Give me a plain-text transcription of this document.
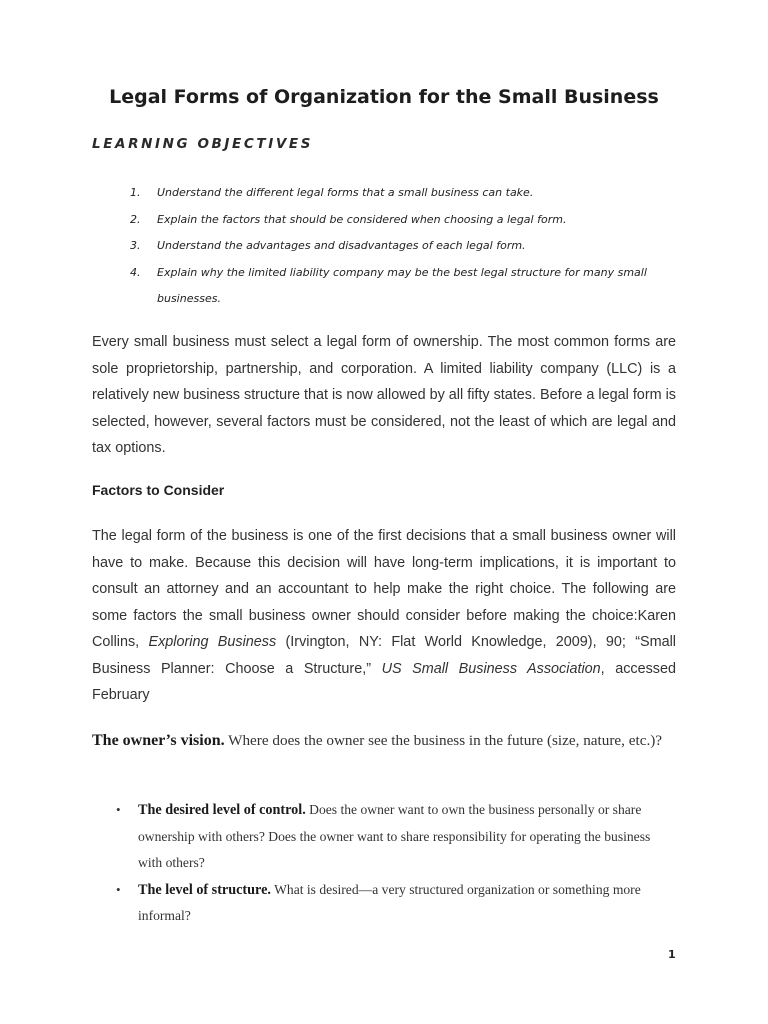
Legal Forms of Organization for the Small Business
LEARNING OBJECTIVES
1.	Understand the different legal forms that a small business can take.
2.	Explain the factors that should be considered when choosing a legal form.
3.	Understand the advantages and disadvantages of each legal form.
4.	Explain why the limited liability company may be the best legal structure for many small businesses.

Every small business must select a legal form of ownership. The most common forms are sole proprietorship, partnership, and corporation. A limited liability company (LLC) is a relatively new business structure that is now allowed by all fifty states. Before a legal form is selected, however, several factors must be considered, not the least of which are legal and tax options.

Factors to Consider

The legal form of the business is one of the first decisions that a small business owner will have to make. Because this decision will have long-term implications, it is important to consult an attorney and an accountant to help make the right choice. The following are some factors the small business owner should consider before making the choice:Karen Collins, Exploring Business (Irvington, NY: Flat World Knowledge, 2009), 90; “Small Business Planner: Choose a Structure,” US Small Business Association, accessed February

The owner’s vision. Where does the owner see the business in the future (size, nature, etc.)?

• The desired level of control. Does the owner want to own the business personally or share ownership with others? Does the owner want to share responsibility for operating the business with others?
• The level of structure. What is desired—a very structured organization or something more informal?

1
